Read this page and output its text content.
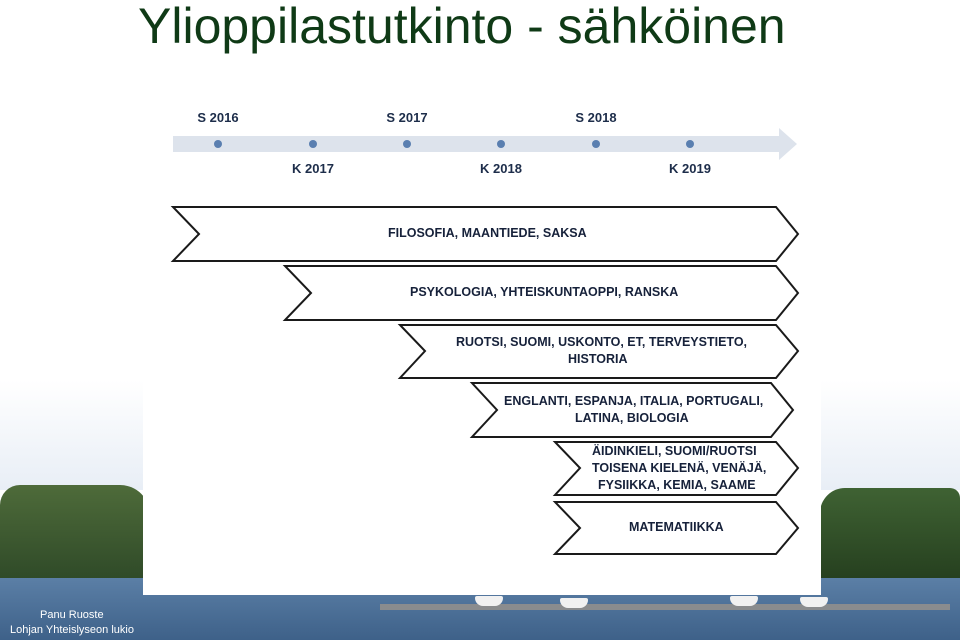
Ylioppilastutkinto - sähköinen
S 2016	S 2017	S 2018
K 2017	K 2018	K 2019
FILOSOFIA, MAANTIEDE, SAKSA
PSYKOLOGIA, YHTEISKUNTAOPPI, RANSKA
RUOTSI, SUOMI, USKONTO, ET, TERVEYSTIETO,
HISTORIA
ENGLANTI, ESPANJA, ITALIA, PORTUGALI,
LATINA, BIOLOGIA
ÄIDINKIELI, SUOMI/RUOTSI
TOISENA KIELENÄ, VENÄJÄ,
FYSIIKKA, KEMIA, SAAME
MATEMATIIKKA
Panu Ruoste
Lohjan Yhteislyseon lukio
